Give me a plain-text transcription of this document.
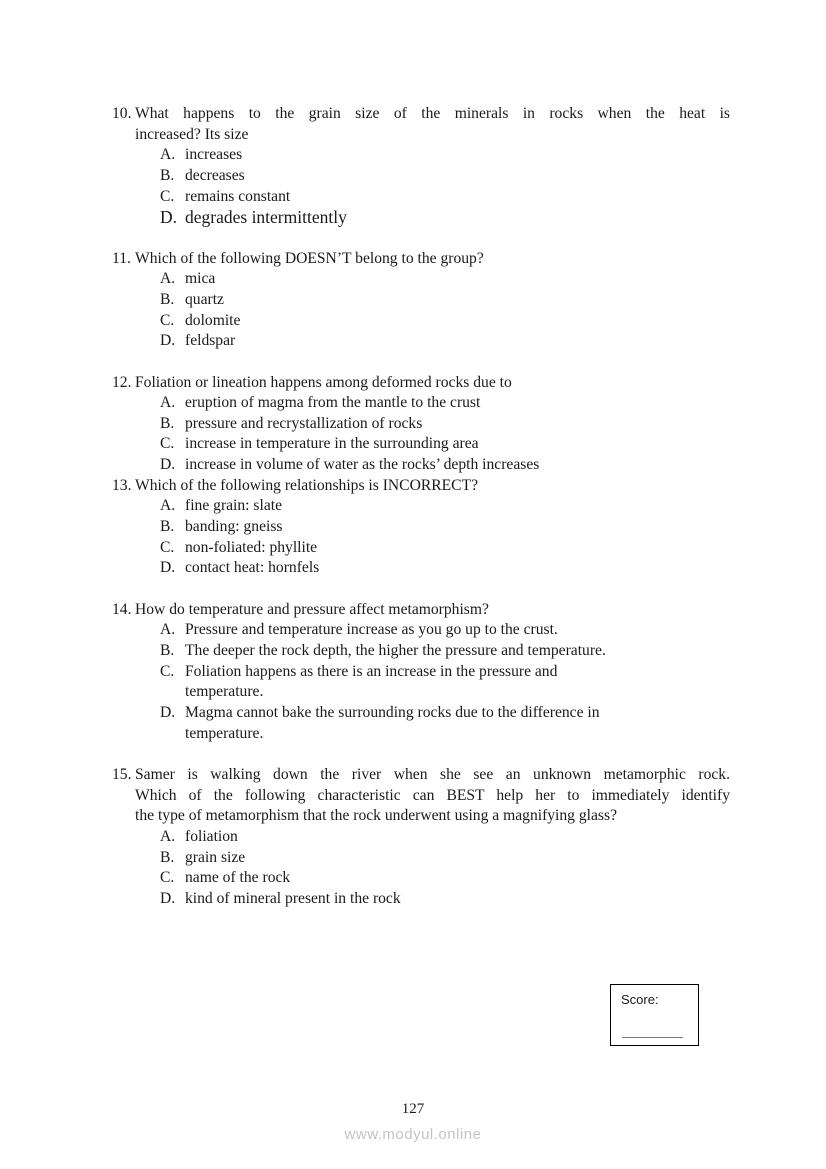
10. What happens to the grain size of the minerals in rocks when the heat is
increased? Its size
A. increases
B. decreases
C. remains constant
D. degrades intermittently
11. Which of the following DOESN’T belong to the group?
A. mica
B. quartz
C. dolomite
D. feldspar
12. Foliation or lineation happens among deformed rocks due to
A. eruption of magma from the mantle to the crust
B. pressure and recrystallization of rocks
C. increase in temperature in the surrounding area
D. increase in volume of water as the rocks’ depth increases
13. Which of the following relationships is INCORRECT?
A. fine grain: slate
B. banding: gneiss
C. non-foliated: phyllite
D. contact heat: hornfels
14. How do temperature and pressure affect metamorphism?
A. Pressure and temperature increase as you go up to the crust.
B. The deeper the rock depth, the higher the pressure and temperature.
C. Foliation happens as there is an increase in the pressure and
temperature.
D. Magma cannot bake the surrounding rocks due to the difference in
temperature.
15. Samer is walking down the river when she see an unknown metamorphic rock.
Which of the following characteristic can BEST help her to immediately identify
the type of metamorphism that the rock underwent using a magnifying glass?
A. foliation
B. grain size
C. name of the rock
D. kind of mineral present in the rock
Score:
127
www.modyul.online
